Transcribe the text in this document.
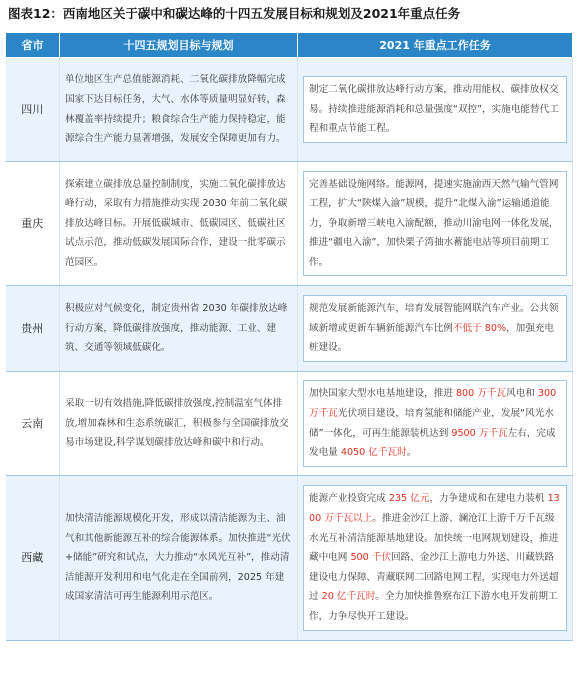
图表12：西南地区关于碳中和碳达峰的十四五发展目标和规划及2021年重点任务
省市	十四五规划目标与规划	2021 年重点工作任务
四川	单位地区生产总值能源消耗、二氧化碳排放降幅完成国家下达目标任务，大气、水体等质量明显好转，森林覆盖率持续提升；粮食综合生产能力保持稳定，能源综合生产能力显著增强，发展安全保障更加有力。	制定二氧化碳排放达峰行动方案，推动用能权、碳排放权交易。持续推进能源消耗和总量强度“双控”，实施电能替代工程和重点节能工程。

重庆	探索建立碳排放总量控制制度，实施二氧化碳排放达峰行动，采取有力措施推动实现 2030 年前二氧化碳排放达峰目标。开展低碳城市、低碳园区、低碳社区试点示范，推动低碳发展国际合作，建设一批零碳示范园区。	完善基础设施网络。能源网，提速实施渝西天然气输气管网工程，扩大“陕煤入渝”规模，提升“北煤入渝”运输通道能力，争取新增三峡电入渝配额，推动川渝电网一体化发展，推进“疆电入渝”，加快栗子湾抽水蓄能电站等项目前期工作。

贵州	积极应对气候变化，制定贵州省 2030 年碳排放达峰行动方案，降低碳排放强度，推动能源、工业、建筑、交通等领域低碳化。	规范发展新能源汽车，培育发展智能网联汽车产业。公共领域新增或更新车辆新能源汽车比例不低于 80%，加强充电桩建设。

云南	采取一切有效措施,降低碳排放强度,控制温室气体排放,增加森林和生态系统碳汇，积极参与全国碳排放交易市场建设,科学谋划碳排放达峰和碳中和行动。	加快国家大型水电基地建设，推进 800 万千瓦风电和 300 万千瓦光伏项目建设，培育氢能和储能产业，发展“风光水储”一体化，可再生能源装机达到 9500 万千瓦左右，完成发电量 4050 亿千瓦时。

西藏	加快清洁能源规模化开发，形成以清洁能源为主、油气和其他新能源互补的综合能源体系。加快推进“光伏+储能”研究和试点，大力推动“水风光互补”，推动清洁能源开发利用和电气化走在全国前列，2025 年建成国家清洁可再生能源利用示范区。	能源产业投资完成 235 亿元，力争建成和在建电力装机 1300 万千瓦以上。推进金沙江上游、澜沧江上游千万千瓦级水光互补清洁能源基地建设。加快统一电网规划建设，推进藏中电网 500 千伏回路、金沙江上游电力外送、川藏铁路建设电力保障、青藏联网二回路电网工程，实现电力外送超过 20 亿千瓦时。全力加快推鲁察布江下游水电开发前期工作，力争尽快开工建设。
